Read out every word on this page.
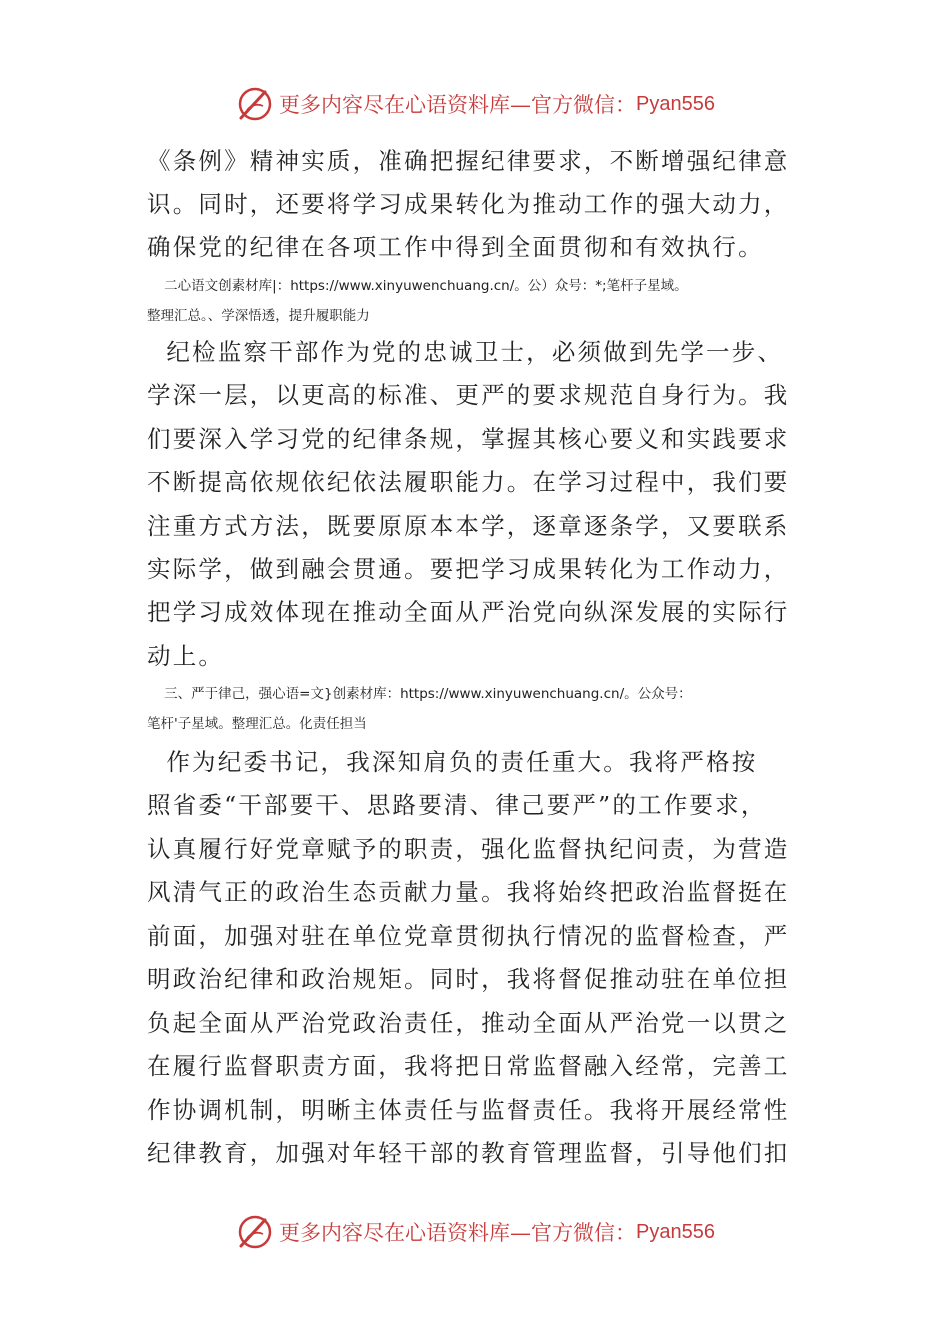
更多内容尽在心语资料库—官方微信： Pyan556
《条例》精神实质，准确把握纪律要求，不断增强纪律意
识。同时，还要将学习成果转化为推动工作的强大动力，
确保党的纪律在各项工作中得到全面贯彻和有效执行。
二心语文创素材库|：https://www.xinyuwenchuang.cn/。公）众号：*;笔杆子星域。
整理汇总。、学深悟透，提升履职能力
纪检监察干部作为党的忠诚卫士，必须做到先学一步、
学深一层，以更高的标准、更严的要求规范自身行为。我
们要深入学习党的纪律条规，掌握其核心要义和实践要求
不断提高依规依纪依法履职能力。在学习过程中，我们要
注重方式方法，既要原原本本学，逐章逐条学，又要联系
实际学，做到融会贯通。要把学习成果转化为工作动力，
把学习成效体现在推动全面从严治党向纵深发展的实际行
动上。
三、严于律己，强心语=文}创素材库：https://www.xinyuwenchuang.cn/。公众号：
笔杆'子星域。整理汇总。化责任担当
作为纪委书记，我深知肩负的责任重大。我将严格按
照省委“干部要干、思路要清、律己要严”的工作要求，
认真履行好党章赋予的职责，强化监督执纪问责，为营造
风清气正的政治生态贡献力量。我将始终把政治监督挺在
前面，加强对驻在单位党章贯彻执行情况的监督检查，严
明政治纪律和政治规矩。同时，我将督促推动驻在单位担
负起全面从严治党政治责任，推动全面从严治党一以贯之
在履行监督职责方面，我将把日常监督融入经常，完善工
作协调机制，明晰主体责任与监督责任。我将开展经常性
纪律教育，加强对年轻干部的教育管理监督，引导他们扣
更多内容尽在心语资料库—官方微信： Pyan556
